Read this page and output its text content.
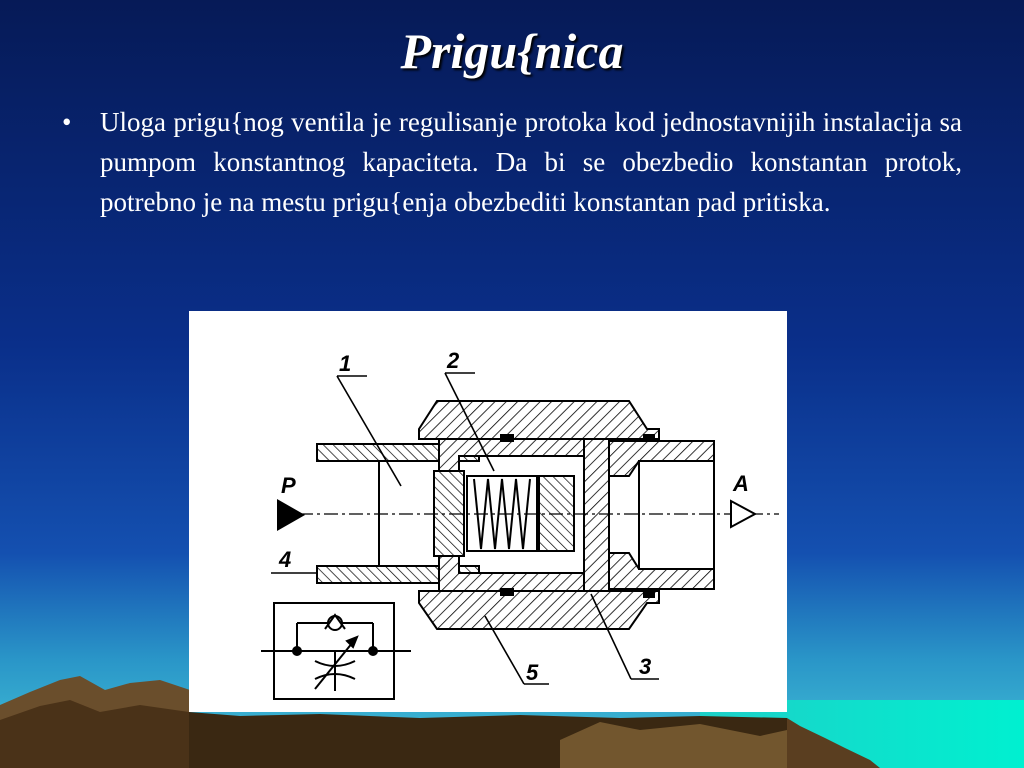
Prigu{nica
•	Uloga prigu{nog ventila je regulisanje protoka kod jednostavnijih instalacija sa pumpom konstantnog kapaciteta. Da bi se obezbedio konstantan protok, potrebno je na mestu prigu{enja obezbediti konstantan pad pritiska.

1	2
4
5	3
P	A
